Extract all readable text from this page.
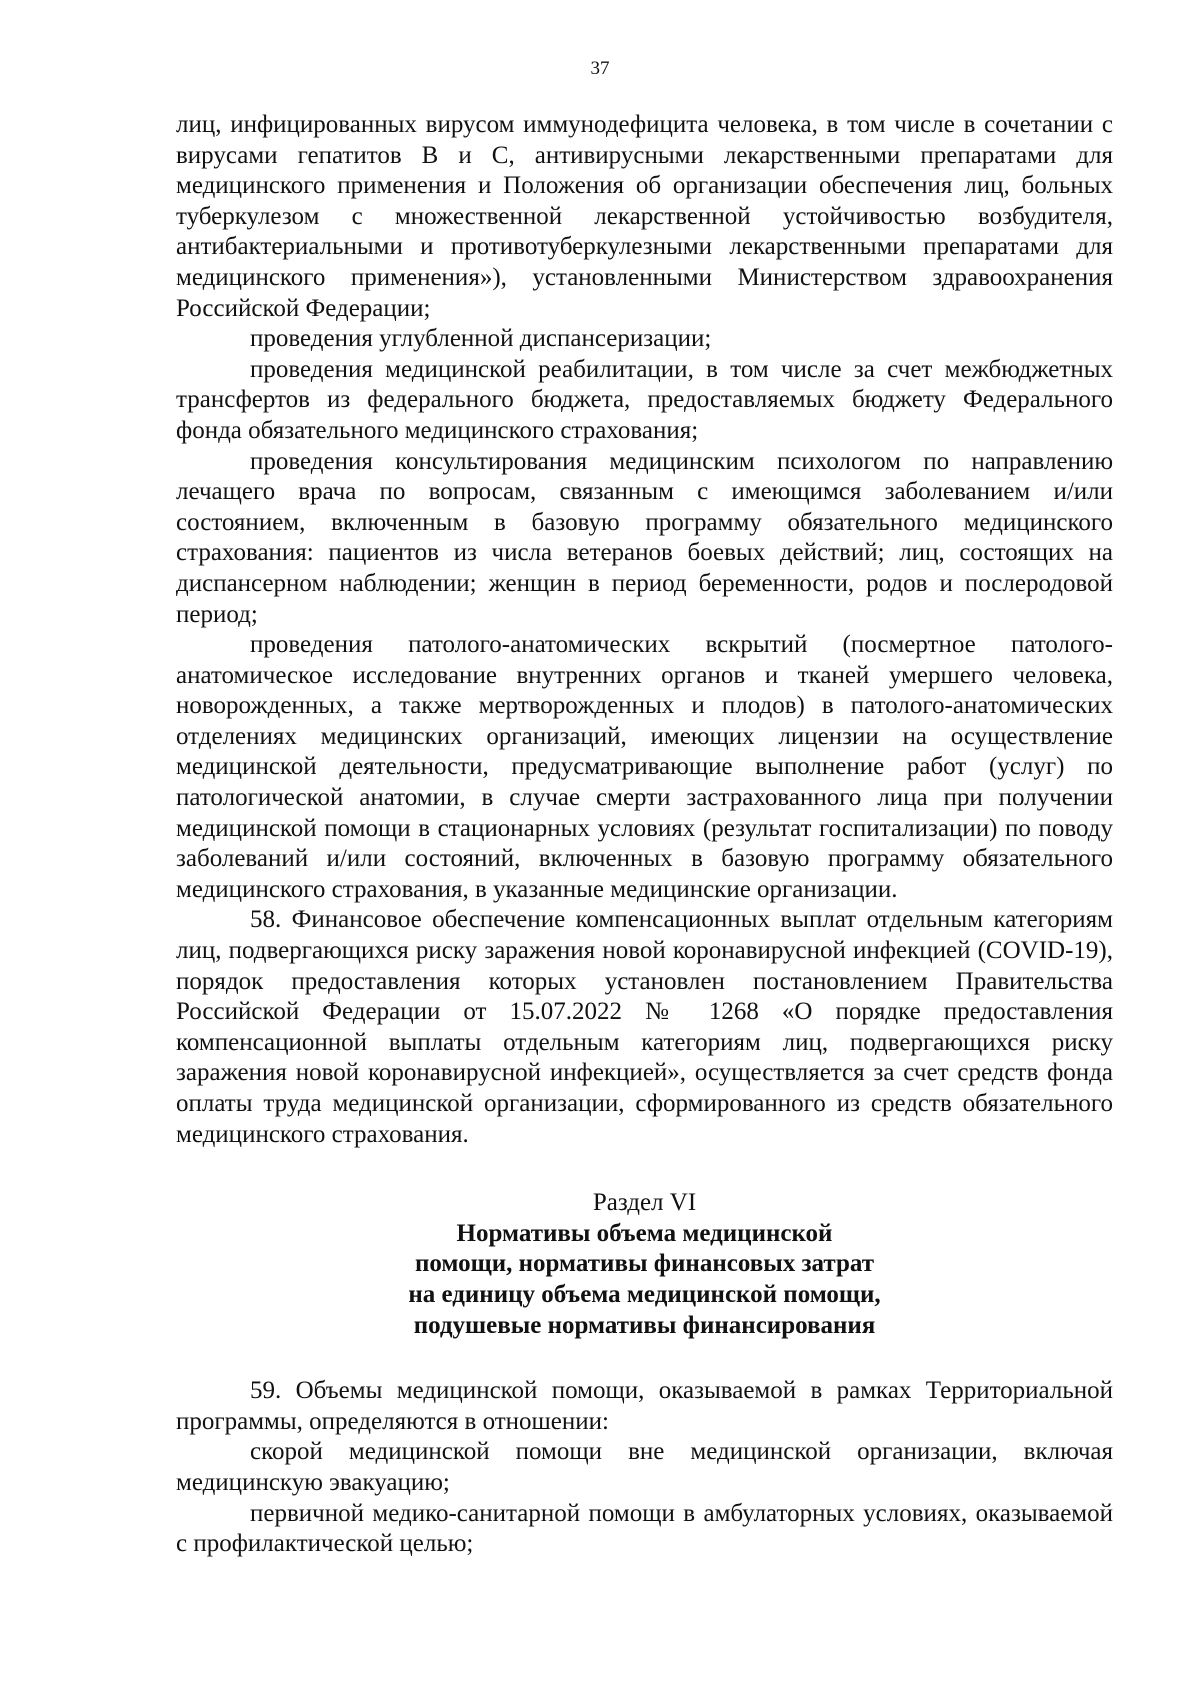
37

лиц, инфицированных вирусом иммунодефицита человека, в том числе в сочетании с вирусами гепатитов В и С, антивирусными лекарственными препаратами для медицинского применения и Положения об организации обеспечения лиц, больных туберкулезом с множественной лекарственной устойчивостью возбудителя, антибактериальными и противотуберкулезными лекарственными препаратами для медицинского применения»), установленными Министерством здравоохранения Российской Федерации;

проведения углубленной диспансеризации;

проведения медицинской реабилитации, в том числе за счет межбюджетных трансфертов из федерального бюджета, предоставляемых бюджету Федерального фонда обязательного медицинского страхования;

проведения консультирования медицинским психологом по направлению лечащего врача по вопросам, связанным с имеющимся заболеванием и/или состоянием, включенным в базовую программу обязательного медицинского страхования: пациентов из числа ветеранов боевых действий; лиц, состоящих на диспансерном наблюдении; женщин в период беременности, родов и послеродовой период;

проведения патолого-анатомических вскрытий (посмертное патолого-анатомическое исследование внутренних органов и тканей умершего человека, новорожденных, а также мертворожденных и плодов) в патолого-анатомических отделениях медицинских организаций, имеющих лицензии на осуществление медицинской деятельности, предусматривающие выполнение работ (услуг) по патологической анатомии, в случае смерти застрахованного лица при получении медицинской помощи в стационарных условиях (результат госпитализации) по поводу заболеваний и/или состояний, включенных в базовую программу обязательного медицинского страхования, в указанные медицинские организации.

58. Финансовое обеспечение компенсационных выплат отдельным категориям лиц, подвергающихся риску заражения новой коронавирусной инфекцией (COVID-19), порядок предоставления которых установлен постановлением Правительства Российской Федерации от 15.07.2022 № 1268 «О порядке предоставления компенсационной выплаты отдельным категориям лиц, подвергающихся риску заражения новой коронавирусной инфекцией», осуществляется за счет средств фонда оплаты труда медицинской организации, сформированного из средств обязательного медицинского страхования.

Раздел VI

Нормативы объема медицинской
помощи, нормативы финансовых затрат
на единицу объема медицинской помощи,
подушевые нормативы финансирования

59. Объемы медицинской помощи, оказываемой в рамках Территориальной программы, определяются в отношении:

скорой медицинской помощи вне медицинской организации, включая медицинскую эвакуацию;

первичной медико-санитарной помощи в амбулаторных условиях, оказываемой с профилактической целью;
